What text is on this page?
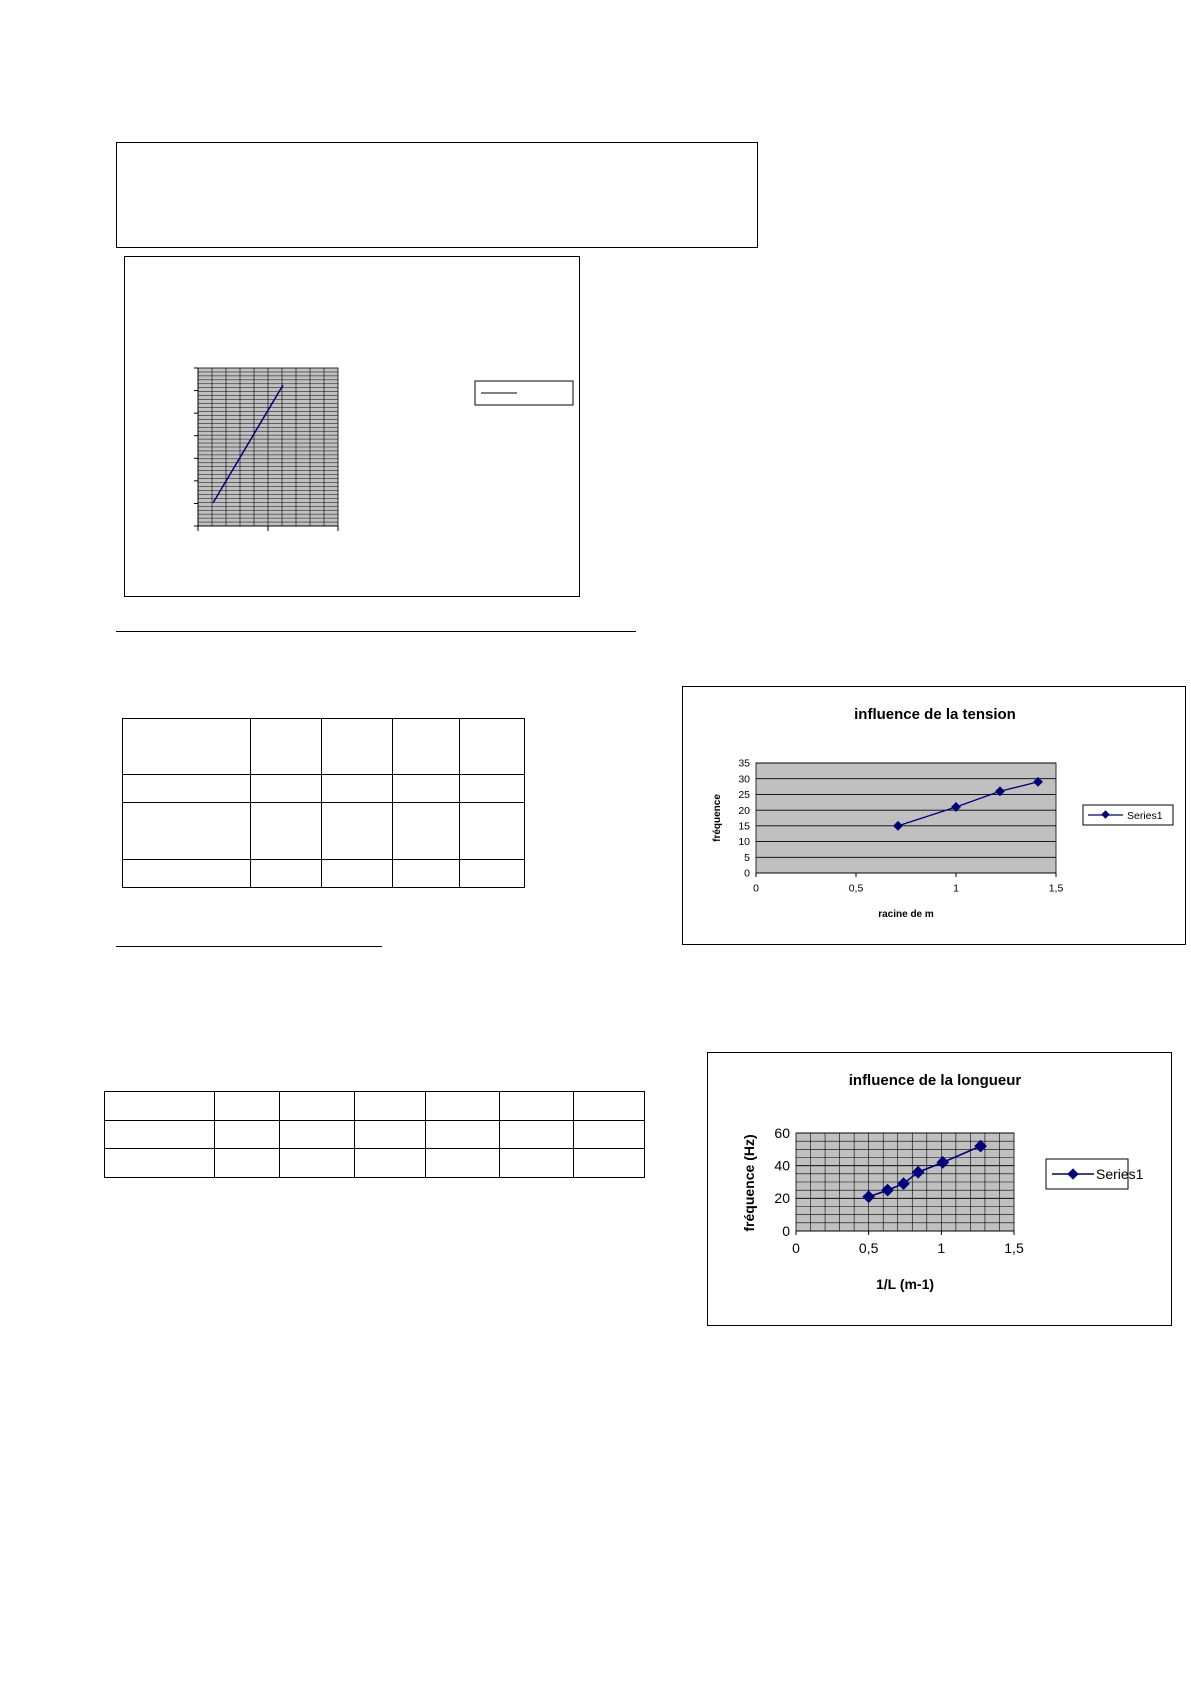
influence de la tension
0
5
10
15
20
25
30
35
0	0,5	1	1,5
racine de m
fréquence	Series1
influence de la longueur
0
20
40
60
0	0,5	1	1,5
1/L (m-1)
fréquence (Hz)	Series1
